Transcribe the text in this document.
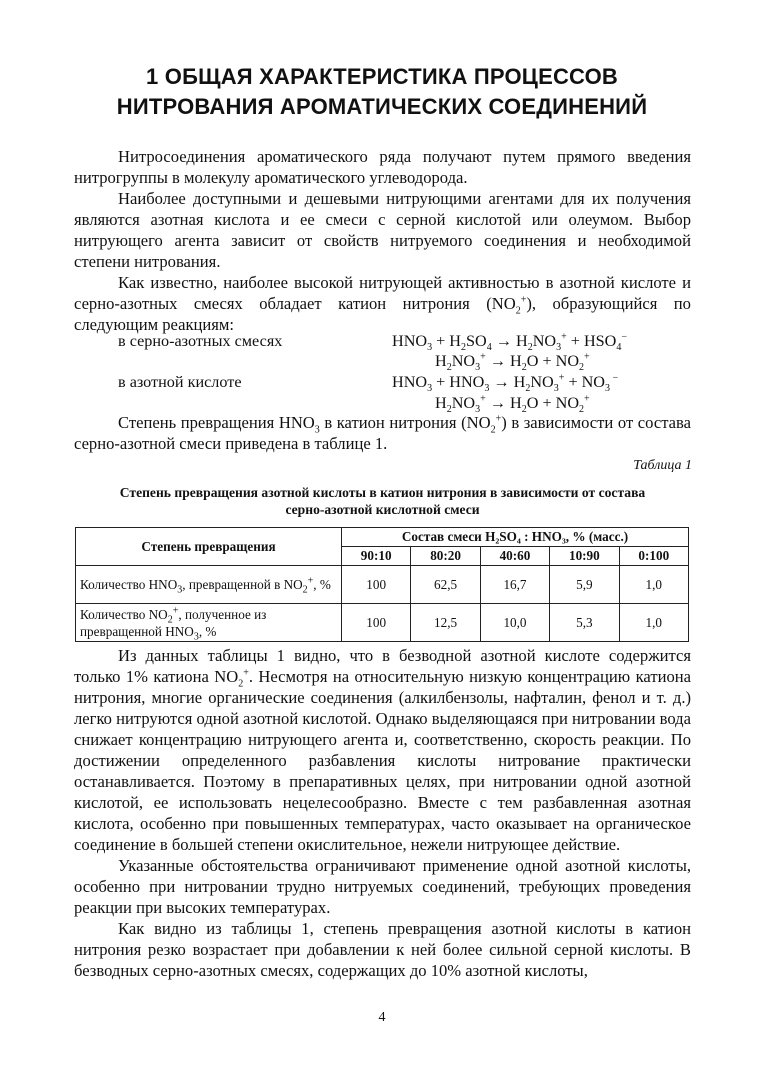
1 ОБЩАЯ ХАРАКТЕРИСТИКА ПРОЦЕССОВ
НИТРОВАНИЯ АРОМАТИЧЕСКИХ СОЕДИНЕНИЙ

Нитросоединения ароматического ряда получают путем прямого введения нитрогруппы в молекулу ароматического углеводорода.

Наиболее доступными и дешевыми нитрующими агентами для их получения являются азотная кислота и ее смеси с серной кислотой или олеумом. Выбор нитрующего агента зависит от свойств нитруемого соединения и необходимой степени нитрования.

Как известно, наиболее высокой нитрующей активностью в азотной кислоте и серно-азотных смесях обладает катион нитрония $(NO_2^+)$, образующийся по следующим реакциям:

в серно-азотных смесях	$HNO_3 + H_2SO_4 \to H_2NO_3^+ + HSO_4^-$
$H_2NO_3^+ \to H_2O + NO_2^+$
в азотной кислоте	$HNO_3 + HNO_3 \to H_2NO_3^+ + NO_3$ −
$H_2NO_3^+ \to H_2O + NO_2^+$

Степень превращения $HNO_3$ в катион нитрония $(NO_2^+)$ в зависимости от состава серно-азотной смеси приведена в таблице 1.

Таблица 1
Степень превращения азотной кислоты в катион нитрония в зависимости от состава
серно-азотной кислотной смеси
Степень превращения	Состав смеси H₂SO₄ : HNO₃, % (масс.)				
	90:10	80:20	40:60	10:90	0:100
Количество $HNO_3$, превращенной в $NO_2^+$, %	100	62,5	16,7	5,9	1,0
Количество $NO_2^+$, полученное из превращенной $HNO_3$, %	100	12,5	10,0	5,3	1,0

Из данных таблицы 1 видно, что в безводной азотной кислоте содержится только 1% катиона $NO_2^+$. Несмотря на относительную низкую концентрацию катиона нитрония, многие органические соединения (алкилбензолы, нафталин, фенол и т. д.) легко нитруются одной азотной кислотой. Однако выделяющаяся при нитровании вода снижает концентрацию нитрующего агента и, соответственно, скорость реакции. По достижении определенного разбавления кислоты нитрование практически останавливается. Поэтому в препаративных целях, при нитровании одной азотной кислотой, ее использовать нецелесообразно. Вместе с тем разбавленная азотная кислота, особенно при повышенных температурах, часто оказывает на органическое соединение в большей степени окислительное, нежели нитрующее действие.

Указанные обстоятельства ограничивают применение одной азотной кислоты, особенно при нитровании трудно нитруемых соединений, требующих проведения реакции при высоких температурах.

Как видно из таблицы 1, степень превращения азотной кислоты в катион нитрония резко возрастает при добавлении к ней более сильной серной кислоты. В безводных серно-азотных смесях, содержащих до 10% азотной кислоты,

4
